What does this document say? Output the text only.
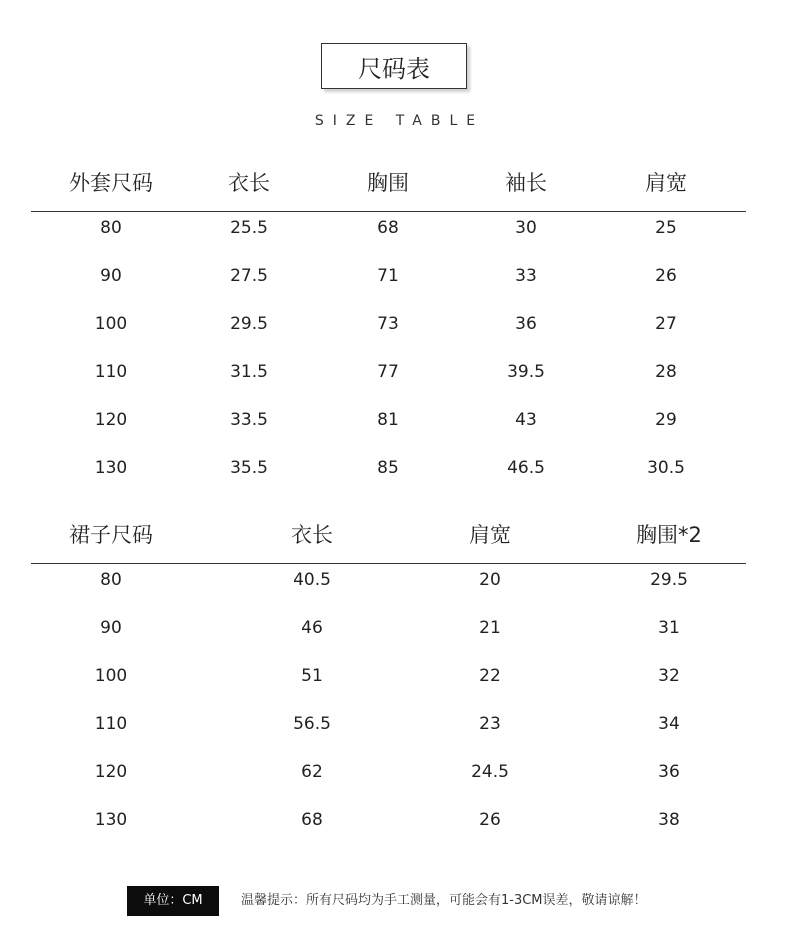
尺码表
SIZE TABLE
外套尺码	衣长	胸围	袖长	肩宽
80	25.5	68	30	25
90	27.5	71	33	26
100	29.5	73	36	27
110	31.5	77	39.5	28
120	33.5	81	43	29
130	35.5	85	46.5	30.5
裙子尺码	衣长	肩宽	胸围*2
80	40.5	20	29.5
90	46	21	31
100	51	22	32
110	56.5	23	34
120	62	24.5	36
130	68	26	38
单位：CM	温馨提示：所有尺码均为手工测量，可能会有1-3CM误差，敬请谅解！
